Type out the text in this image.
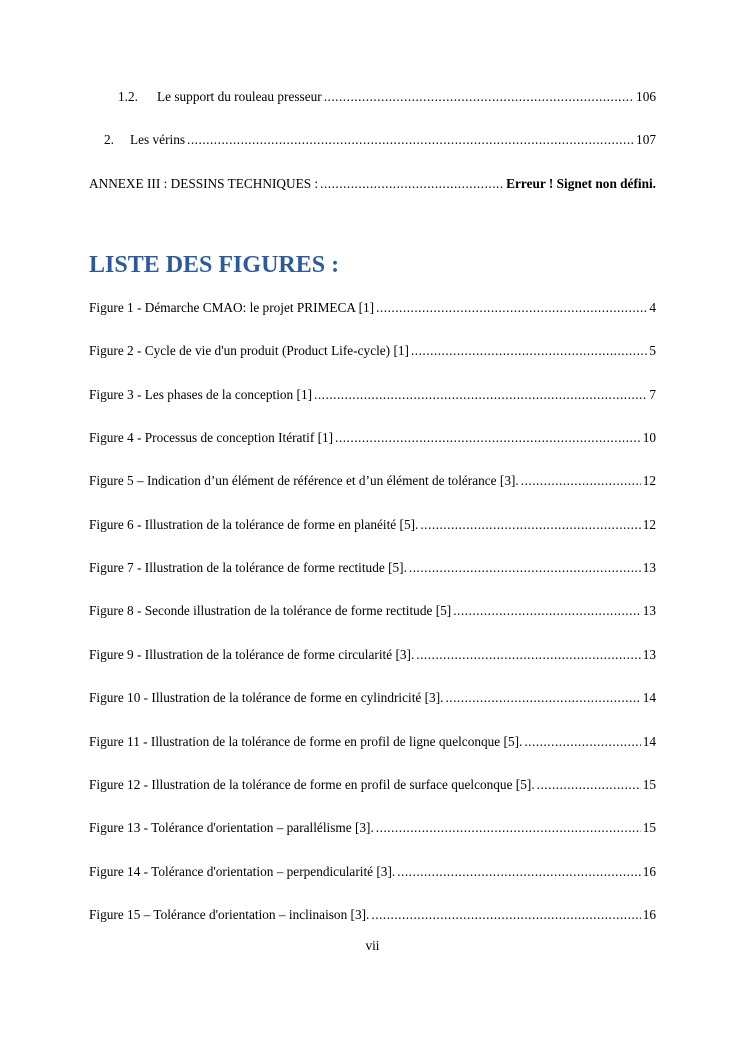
1.2. Le support du rouleau presseur .....	106
2. Les vérins .....	107
ANNEXE III : DESSINS TECHNIQUES : .....	Erreur ! Signet non défini.
LISTE DES FIGURES :
Figure 1 - Démarche CMAO: le projet PRIMECA [1] .....	4
Figure 2 - Cycle de vie d'un produit (Product Life-cycle) [1] .....	5
Figure 3 - Les phases de la conception [1] .....	7
Figure 4 - Processus de conception Itératif [1] .....	10
Figure 5 – Indication d’un élément de référence et d’un élément de tolérance [3]. .....	12
Figure 6 - Illustration de la tolérance de forme en planéité [5]. .....	12
Figure 7 - Illustration de la tolérance de forme rectitude [5]. .....	13
Figure 8 - Seconde illustration de la tolérance de forme rectitude [5] .....	13
Figure 9 - Illustration de la tolérance de forme circularité [3]. .....	13
Figure 10 - Illustration de la tolérance de forme en cylindricité [3]. .....	14
Figure 11 - Illustration de la tolérance de forme en profil de ligne quelconque [5]. .....	14
Figure 12 - Illustration de la tolérance de forme en profil de surface quelconque [5]. .....	15
Figure 13 - Tolérance d'orientation – parallélisme [3]. .....	15
Figure 14 - Tolérance d'orientation – perpendicularité [3]. .....	16
Figure 15 – Tolérance d'orientation – inclinaison [3]. .....	16
vii
